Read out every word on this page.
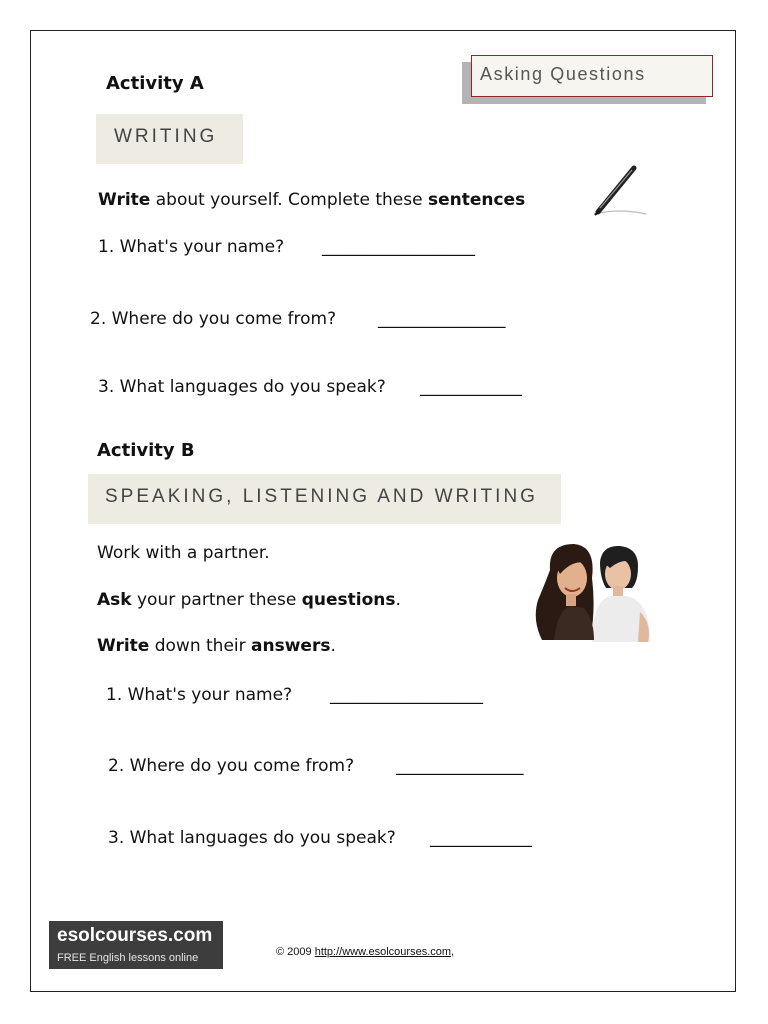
Asking Questions
Activity A
WRITING
Write about yourself. Complete these sentences
1. What's your name? __________________
2. Where do you come from? _______________
3. What languages do you speak? ____________
Activity B
SPEAKING, LISTENING AND WRITING
Work with a partner.
Ask your partner these questions.
Write down their answers.
1. What's your name? __________________
2. Where do you come from? _______________
3. What languages do you speak? ____________
esolcourses.com
FREE English lessons online	© 2009 http://www.esolcourses.com,
